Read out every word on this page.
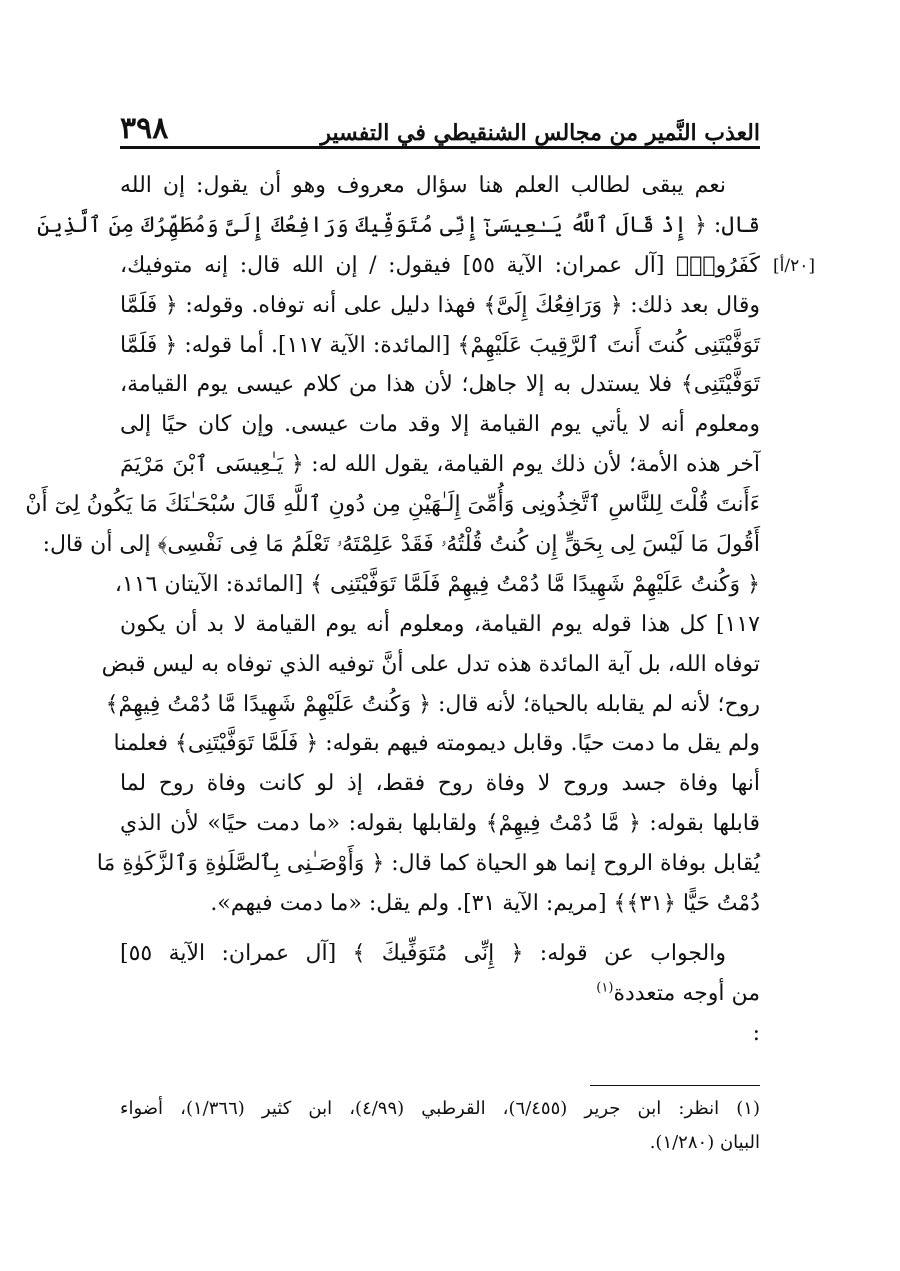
العذب النَّمير من مجالس الشنقيطي في التفسير
٣٩٨
[٢٠/أ]
نعم يبقى لطالب العلم هنا سؤال معروف وهو أن يقول: إن الله
قال: ﴿ إِذْ قَالَ ٱللَّهُ يَـٰعِيسَىٰٓ إِنِّى مُتَوَفِّيكَ وَرَافِعُكَ إِلَىَّ وَمُطَهِّرُكَ مِنَ ٱلَّذِينَ
كَفَرُوا۟﴾ [آل عمران: الآية ٥٥] فيقول: / إن الله قال: إنه متوفيك،
وقال بعد ذلك: ﴿ وَرَافِعُكَ إِلَىَّ﴾ فهذا دليل على أنه توفاه. وقوله: ﴿ فَلَمَّا
تَوَفَّيْتَنِى كُنتَ أَنتَ ٱلرَّقِيبَ عَلَيْهِمْ﴾ [المائدة: الآية ١١٧]. أما قوله: ﴿ فَلَمَّا
تَوَفَّيْتَنِى﴾ فلا يستدل به إلا جاهل؛ لأن هذا من كلام عيسى يوم القيامة،
ومعلوم أنه لا يأتي يوم القيامة إلا وقد مات عيسى. وإن كان حيًا إلى
آخر هذه الأمة؛ لأن ذلك يوم القيامة، يقول الله له: ﴿ يَـٰعِيسَى ٱبْنَ مَرْيَمَ
ءَأَنتَ قُلْتَ لِلنَّاسِ ٱتَّخِذُونِى وَأُمِّىَ إِلَـٰهَيْنِ مِن دُونِ ٱللَّهِ قَالَ سُبْحَـٰنَكَ مَا يَكُونُ لِىٓ أَنْ
أَقُولَ مَا لَيْسَ لِى بِحَقٍّ إِن كُنتُ قُلْتُهُۥ فَقَدْ عَلِمْتَهُۥ تَعْلَمُ مَا فِى نَفْسِى﴾ إلى أن قال:
﴿ وَكُنتُ عَلَيْهِمْ شَهِيدًا مَّا دُمْتُ فِيهِمْ فَلَمَّا تَوَفَّيْتَنِى ﴾ [المائدة: الآيتان ١١٦،
١١٧] كل هذا قوله يوم القيامة، ومعلوم أنه يوم القيامة لا بد أن يكون
توفاه الله، بل آية المائدة هذه تدل على أنَّ توفيه الذي توفاه به ليس قبض
روح؛ لأنه لم يقابله بالحياة؛ لأنه قال: ﴿ وَكُنتُ عَلَيْهِمْ شَهِيدًا مَّا دُمْتُ فِيهِمْ﴾
ولم يقل ما دمت حيًا. وقابل ديمومته فيهم بقوله: ﴿ فَلَمَّا تَوَفَّيْتَنِى﴾ فعلمنا
أنها وفاة جسد وروح لا وفاة روح فقط، إذ لو كانت وفاة روح لما
قابلها بقوله: ﴿ مَّا دُمْتُ فِيهِمْ﴾ ولقابلها بقوله: «ما دمت حيًا» لأن الذي
يُقابل بوفاة الروح إنما هو الحياة كما قال: ﴿ وَأَوْصَـٰنِى بِٱلصَّلَوٰةِ وَٱلزَّكَوٰةِ مَا
دُمْتُ حَيًّا ﴿٣١﴾﴾ [مريم: الآية ٣١]. ولم يقل: «ما دمت فيهم».
والجواب عن قوله: ﴿ إِنِّى مُتَوَفِّيكَ ﴾ [آل عمران: الآية ٥٥]
من أوجه متعددة$^{(١)}$
:
(١) انظر: ابن جرير (٦/٤٥٥)، القرطبي (٤/٩٩)، ابن كثير (١/٣٦٦)، أضواء
البيان (١/٢٨٠).
